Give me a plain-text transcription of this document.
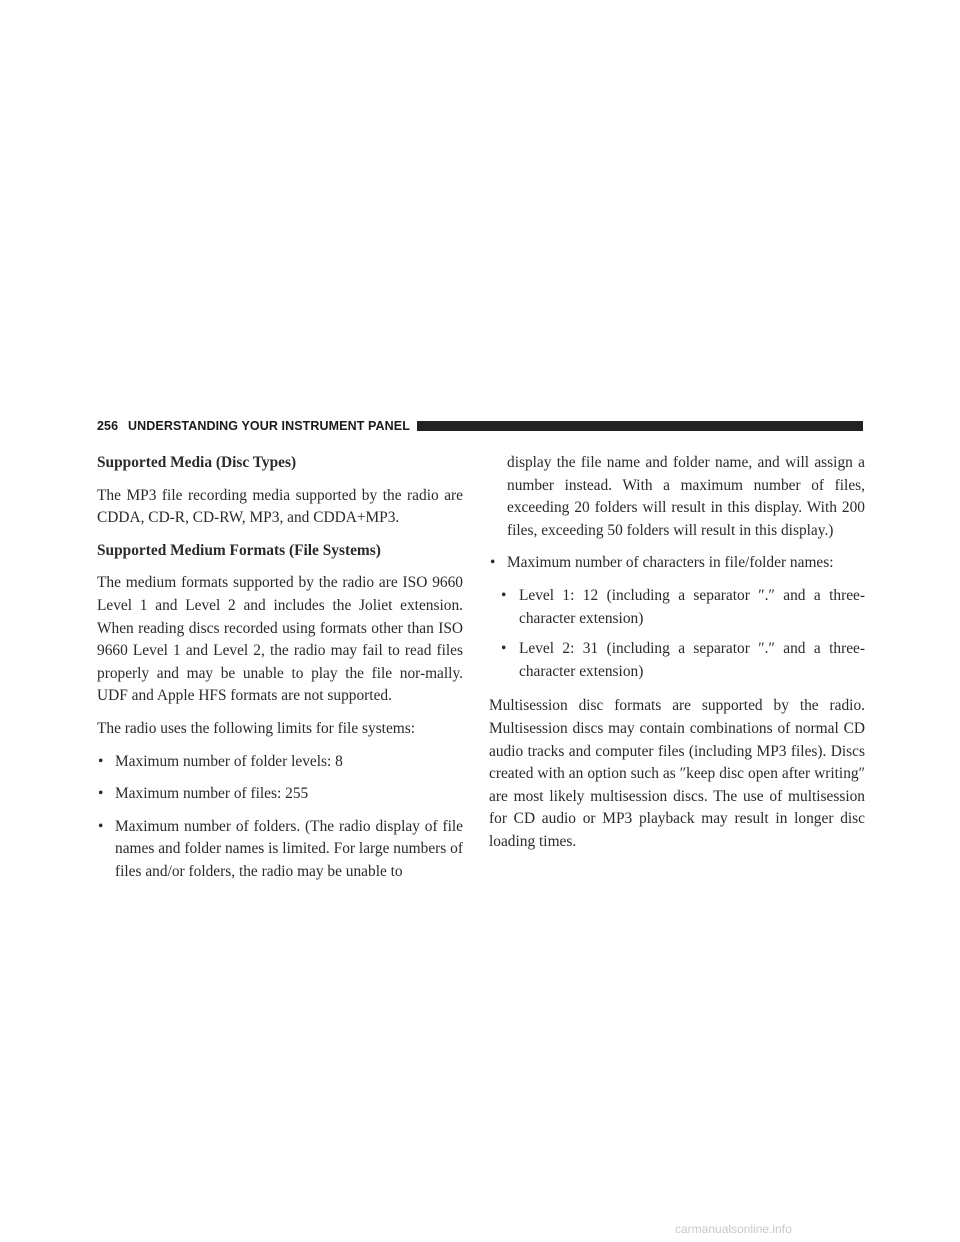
256 UNDERSTANDING YOUR INSTRUMENT PANEL
Supported Media (Disc Types)

The MP3 file recording media supported by the radio are CDDA, CD-R, CD-RW, MP3, and CDDA+MP3.

Supported Medium Formats (File Systems)

The medium formats supported by the radio are ISO 9660 Level 1 and Level 2 and includes the Joliet extension. When reading discs recorded using formats other than ISO 9660 Level 1 and Level 2, the radio may fail to read files properly and may be unable to play the file nor-mally. UDF and Apple HFS formats are not supported.

The radio uses the following limits for file systems:

• Maximum number of folder levels: 8
• Maximum number of files: 255
• Maximum number of folders. (The radio display of file names and folder names is limited. For large numbers of files and/or folders, the radio may be unable to

display the file name and folder name, and will assign a number instead. With a maximum number of files, exceeding 20 folders will result in this display. With 200 files, exceeding 50 folders will result in this display.)

• Maximum number of characters in file/folder names:
• Level 1: 12 (including a separator ″.″ and a three-character extension)
• Level 2: 31 (including a separator ″.″ and a three-character extension)

Multisession disc formats are supported by the radio. Multisession discs may contain combinations of normal CD audio tracks and computer files (including MP3 files). Discs created with an option such as ″keep disc open after writing″ are most likely multisession discs. The use of multisession for CD audio or MP3 playback may result in longer disc loading times.

carmanualsonline.info
